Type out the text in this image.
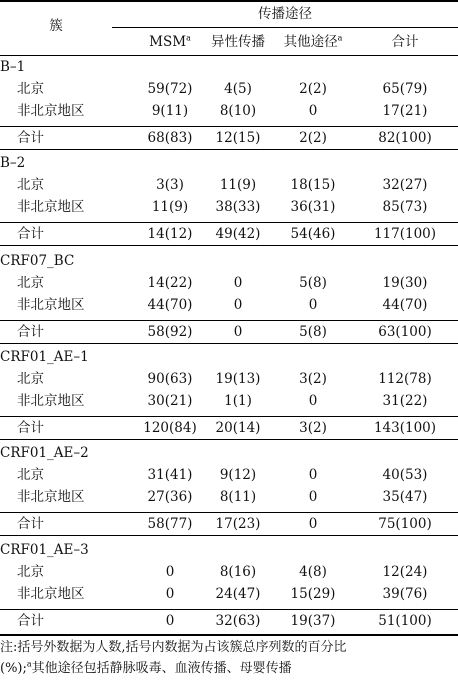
簇
传播途径
MSM$^a$	异性传播	其他途径$^a$	合计
B–1
北京	59(72)	4(5)	2(2)	65(79)
非北京地区	9(11)	8(10)	0	17(21)
合计	68(83)	12(15)	2(2)	82(100)
B–2
北京	3(3)	11(9)	18(15)	32(27)
非北京地区	11(9)	38(33)	36(31)	85(73)
合计	14(12)	49(42)	54(46)	117(100)
CRF07_BC
北京	14(22)	0	5(8)	19(30)
非北京地区	44(70)	0	0	44(70)
合计	58(92)	0	5(8)	63(100)
CRF01_AE–1
北京	90(63)	19(13)	3(2)	112(78)
非北京地区	30(21)	1(1)	0	31(22)
合计	120(84)	20(14)	3(2)	143(100)
CRF01_AE–2
北京	31(41)	9(12)	0	40(53)
非北京地区	27(36)	8(11)	0	35(47)
合计	58(77)	17(23)	0	75(100)
CRF01_AE–3
北京	0	8(16)	4(8)	12(24)
非北京地区	0	24(47)	15(29)	39(76)
合计	0	32(63)	19(37)	51(100)
注:括号外数据为人数,括号内数据为占该簇总序列数的百分比
(%);$^a$其他途径包括静脉吸毒、血液传播、母婴传播
